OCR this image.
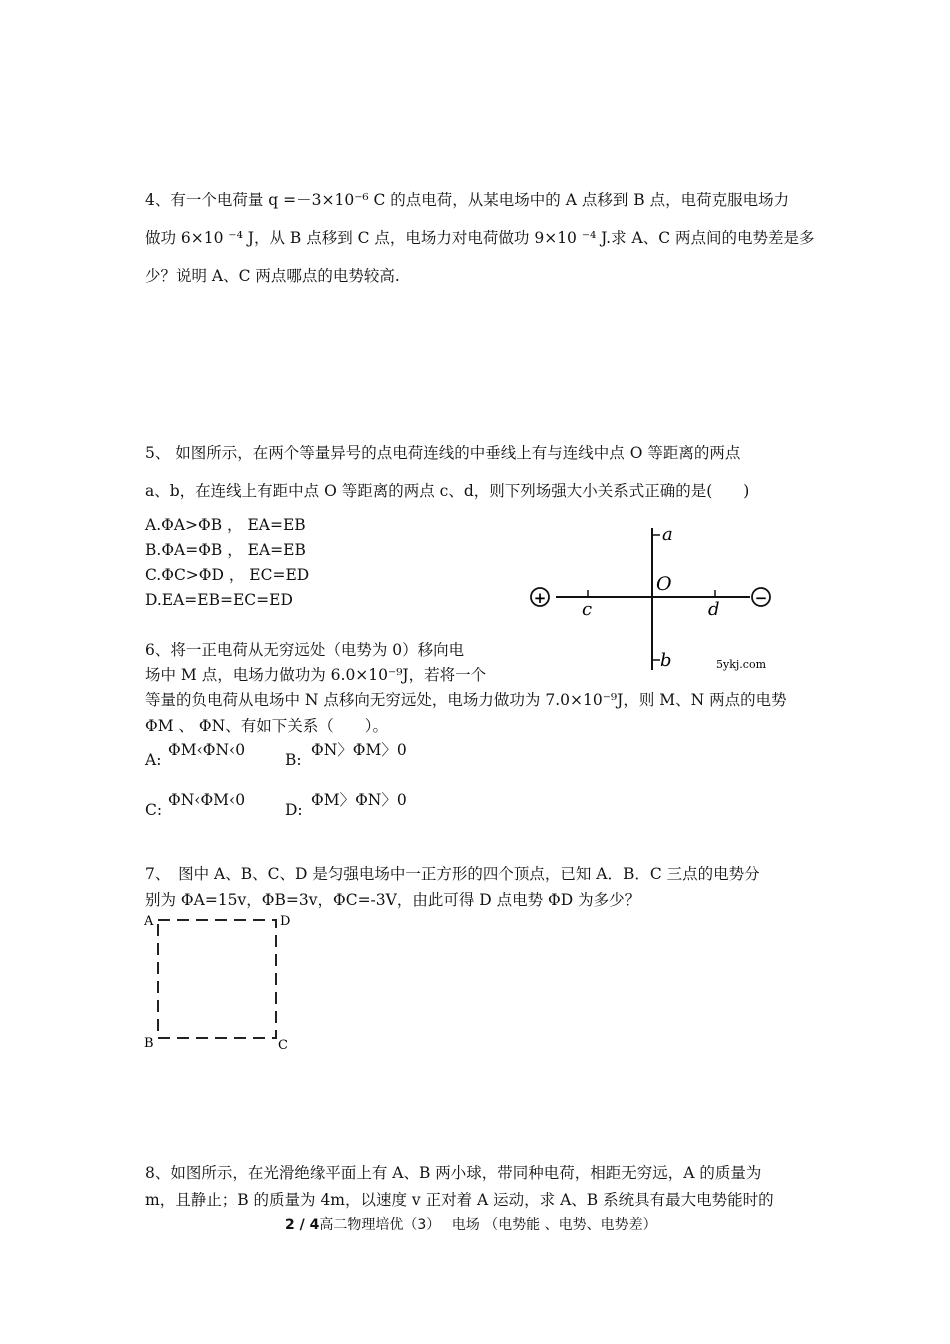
4、有一个电荷量 q =－3×10⁻⁶ C 的点电荷，从某电场中的 A 点移到 B 点，电荷克服电场力
做功 6×10 ⁻⁴ J，从 B 点移到 C 点，电场力对电荷做功 9×10 ⁻⁴ J.求 A、C 两点间的电势差是多
少？说明 A、C 两点哪点的电势较高.
5、 如图所示，在两个等量异号的点电荷连线的中垂线上有与连线中点 O 等距离的两点
a、b，在连线上有距中点 O 等距离的两点 c、d，则下列场强大小关系式正确的是(　　)
A.ΦA>ΦB ， EA=EB
B.ΦA=ΦB ， EA=EB
C.ΦC>ΦD ， EC=ED
D.EA=EB=EC=ED	+	−
a
O
c	d
b	5ykj.com
6、将一正电荷从无穷远处（电势为 0）移向电
场中 M 点，电场力做功为 6.0×10⁻⁹J，若将一个
等量的负电荷从电场中 N 点移向无穷远处，电场力做功为 7.0×10⁻⁹J，则 M、N 两点的电势
ΦM 、 ΦN、有如下关系（　　）。
A:
ΦM‹ΦN‹0
B:
ΦN〉ΦM〉0
C:
ΦN‹ΦM‹0
D:
ΦM〉ΦN〉0
7、　图中 A、B、C、D 是匀强电场中一正方形的四个顶点，已知 A．B．C 三点的电势分
别为 ΦA=15v，ΦB=3v，ΦC=-3V，由此可得 D 点电势 ΦD 为多少？
A	D
B	C
8、如图所示，在光滑绝缘平面上有 A、B 两小球，带同种电荷，相距无穷远，A 的质量为
m，且静止；B 的质量为 4m，以速度 v 正对着 A 运动，求 A、B 系统具有最大电势能时的
2 / 4高二物理培优（3）　 电场 （电势能 、电势、电势差）
